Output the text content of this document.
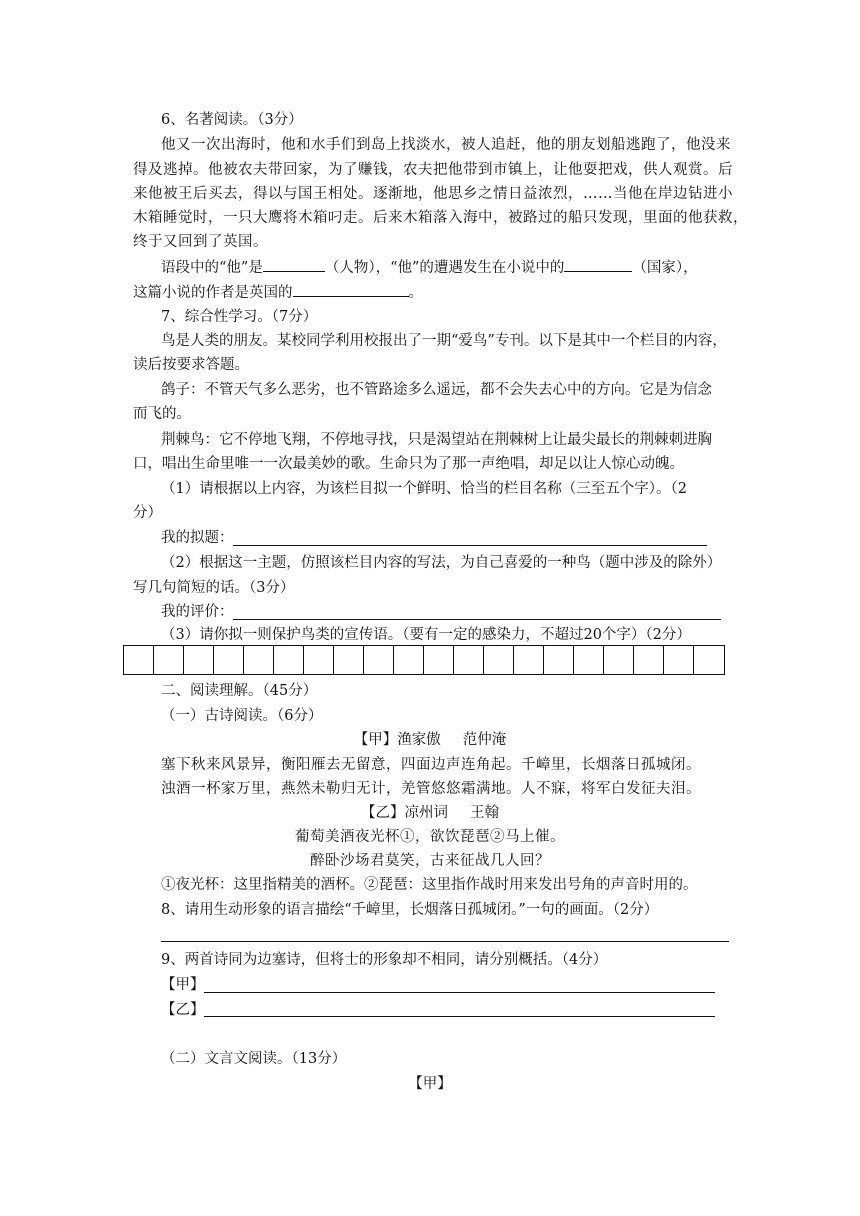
6、名著阅读。（3分）
他又一次出海时，他和水手们到岛上找淡水，被人追赶，他的朋友划船逃跑了，他没来
得及逃掉。他被农夫带回家，为了赚钱，农夫把他带到市镇上，让他耍把戏，供人观赏。后
来他被王后买去，得以与国王相处。逐渐地，他思乡之情日益浓烈，……当他在岸边钻进小
木箱睡觉时，一只大鹰将木箱叼走。后来木箱落入海中，被路过的船只发现，里面的他获救，
终于又回到了英国。
语段中的“他”是	（人物），“他”的遭遇发生在小说中的	（国家），
这篇小说的作者是英国的	。
7、综合性学习。（7分）
鸟是人类的朋友。某校同学利用校报出了一期“爱鸟”专刊。以下是其中一个栏目的内容，
读后按要求答题。
鸽子：不管天气多么恶劣，也不管路途多么遥远，都不会失去心中的方向。它是为信念
而飞的。
荆棘鸟：它不停地飞翔，不停地寻找，只是渴望站在荆棘树上让最尖最长的荆棘刺进胸
口，唱出生命里唯一一次最美妙的歌。生命只为了那一声绝唱，却足以让人惊心动魄。
（1）请根据以上内容，为该栏目拟一个鲜明、恰当的栏目名称（三至五个字）。（2
分）
我的拟题：
（2）根据这一主题，仿照该栏目内容的写法，为自己喜爱的一种鸟（题中涉及的除外）
写几句简短的话。（3分）
我的评价：
（3）请你拟一则保护鸟类的宣传语。（要有一定的感染力，不超过20个字）（2分）
二、阅读理解。（45分）
（一）古诗阅读。（6分）
【甲】渔家傲 范仲淹
塞下秋来风景异，衡阳雁去无留意，四面边声连角起。千嶂里，长烟落日孤城闭。
浊酒一杯家万里，燕然未勒归无计，羌管悠悠霜满地。人不寐，将军白发征夫泪。
【乙】凉州词 王翰
葡萄美酒夜光杯①，欲饮琵琶②马上催。
醉卧沙场君莫笑，古来征战几人回？
①夜光杯：这里指精美的酒杯。②琵琶：这里指作战时用来发出号角的声音时用的。
8、请用生动形象的语言描绘“千嶂里，长烟落日孤城闭。”一句的画面。（2分）
9、两首诗同为边塞诗，但将士的形象却不相同，请分别概括。（4分）
【甲】
【乙】
（二）文言文阅读。（13分）
【甲】
